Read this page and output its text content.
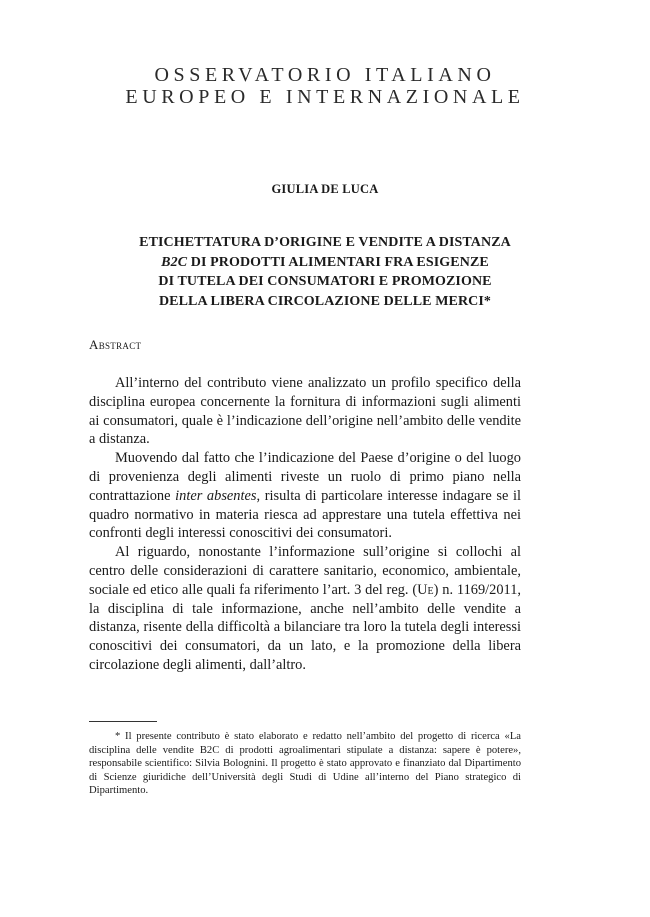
OSSERVATORIO ITALIANO
EUROPEO E INTERNAZIONALE
GIULIA DE LUCA
ETICHETTATURA D’ORIGINE E VENDITE A DISTANZA
B2C DI PRODOTTI ALIMENTARI FRA ESIGENZE
DI TUTELA DEI CONSUMATORI E PROMOZIONE
DELLA LIBERA CIRCOLAZIONE DELLE MERCI*
Abstract

All’interno del contributo viene analizzato un profilo specifico della disciplina europea concernente la fornitura di informazioni sugli alimenti ai consumatori, quale è l’indicazione dell’origine nell’ambito delle vendite a distanza.

Muovendo dal fatto che l’indicazione del Paese d’origine o del luogo di provenienza degli alimenti riveste un ruolo di primo piano nella contrattazione inter absentes, risulta di particolare interesse indagare se il quadro normativo in materia riesca ad apprestare una tutela effettiva nei confronti degli interessi conoscitivi dei consumatori.

Al riguardo, nonostante l’informazione sull’origine si collochi al centro delle considerazioni di carattere sanitario, economico, ambientale, sociale ed etico alle quali fa riferimento l’art. 3 del reg. (Ue) n. 1169/2011, la disciplina di tale informazione, anche nell’ambito delle vendite a distanza, risente della difficoltà a bilanciare tra loro la tutela degli interessi conoscitivi dei consumatori, da un lato, e la promozione della libera circolazione degli alimenti, dall’altro.

* Il presente contributo è stato elaborato e redatto nell’ambito del progetto di ricerca «La disciplina delle vendite B2C di prodotti agroalimentari stipulate a distanza: sapere è potere», responsabile scientifico: Silvia Bolognini. Il progetto è stato approvato e finanziato dal Dipartimento di Scienze giuridiche dell’Università degli Studi di Udine all’interno del Piano strategico di Dipartimento.
